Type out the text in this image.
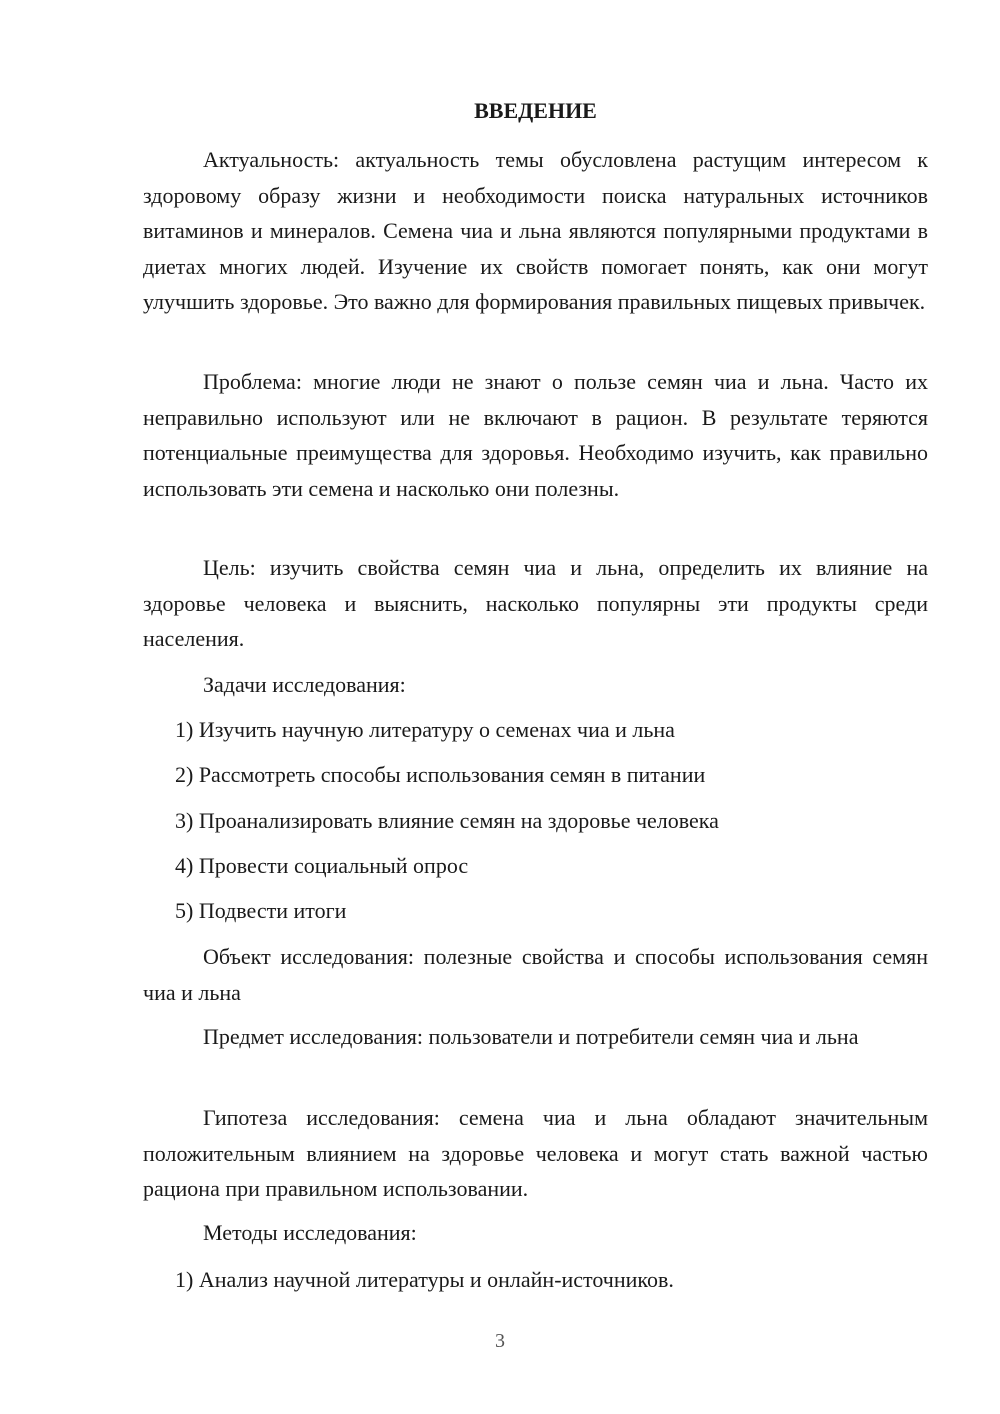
ВВЕДЕНИЕ

Актуальность: актуальность темы обусловлена растущим интересом к здоровому образу жизни и необходимости поиска натуральных источников витаминов и минералов. Семена чиа и льна являются популярными продуктами в диетах многих людей. Изучение их свойств помогает понять, как они могут улучшить здоровье. Это важно для формирования правильных пищевых привычек.

Проблема: многие люди не знают о пользе семян чиа и льна. Часто их неправильно используют или не включают в рацион. В результате теряются потенциальные преимущества для здоровья. Необходимо изучить, как правильно использовать эти семена и насколько они полезны.

Цель: изучить свойства семян чиа и льна, определить их влияние на здоровье человека и выяснить, насколько популярны эти продукты среди населения.

Задачи исследования:

1) Изучить научную литературу о семенах чиа и льна

2) Рассмотреть способы использования семян в питании

3) Проанализировать влияние семян на здоровье человека

4) Провести социальный опрос

5) Подвести итоги

Объект исследования: полезные свойства и способы использования семян чиа и льна

Предмет исследования: пользователи и потребители семян чиа и льна

Гипотеза исследования: семена чиа и льна обладают значительным положительным влиянием на здоровье человека и могут стать важной частью рациона при правильном использовании.

Методы исследования:

1) Анализ научной литературы и онлайн-источников.

3
